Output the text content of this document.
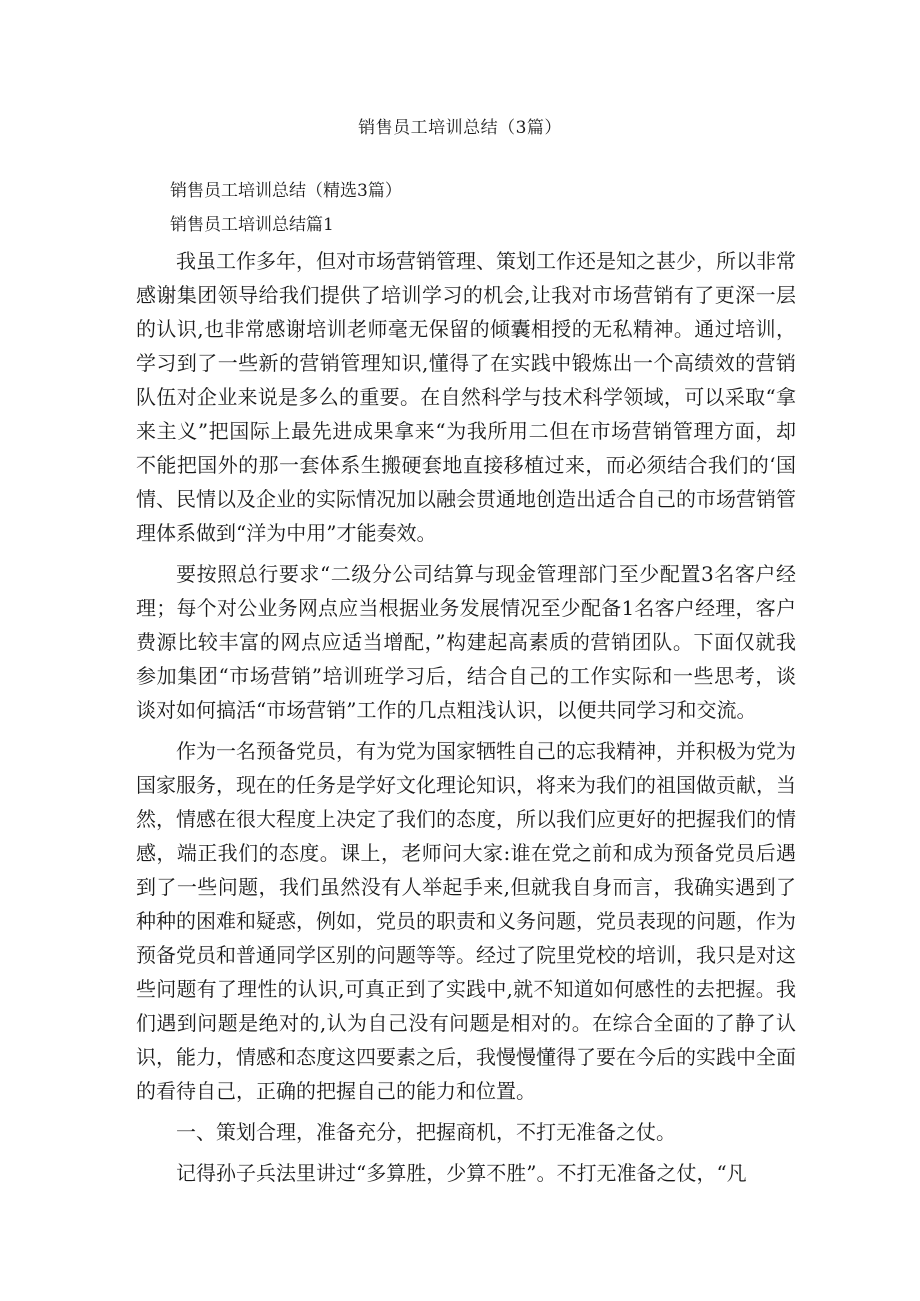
销售员工培训总结（3篇）

销售员工培训总结（精选3篇）

销售员工培训总结篇1

我虽工作多年，但对市场营销管理、策划工作还是知之甚少，所以非常感谢集团领导给我们提供了培训学习的机会,让我对市场营销有了更深一层的认识,也非常感谢培训老师毫无保留的倾囊相授的无私精神。通过培训，学习到了一些新的营销管理知识,懂得了在实践中锻炼出一个高绩效的营销队伍对企业来说是多么的重要。在自然科学与技术科学领域，可以采取“拿来主义”把国际上最先进成果拿来“为我所用二但在市场营销管理方面，却不能把国外的那一套体系生搬硬套地直接移植过来，而必须结合我们的‘国情、民情以及企业的实际情况加以融会贯通地创造出适合自己的市场营销管理体系做到“洋为中用”才能奏效。

要按照总行要求“二级分公司结算与现金管理部门至少配置3名客户经理；每个对公业务网点应当根据业务发展情况至少配备1名客户经理，客户费源比较丰富的网点应适当增配，”构建起高素质的营销团队。下面仅就我参加集团“市场营销”培训班学习后，结合自己的工作实际和一些思考，谈谈对如何搞活“市场营销”工作的几点粗浅认识，以便共同学习和交流。

作为一名预备党员，有为党为国家牺牲自己的忘我精神，并积极为党为国家服务，现在的任务是学好文化理论知识，将来为我们的祖国做贡献，当然，情感在很大程度上决定了我们的态度，所以我们应更好的把握我们的情感，端正我们的态度。课上，老师问大家:谁在党之前和成为预备党员后遇到了一些问题，我们虽然没有人举起手来,但就我自身而言，我确实遇到了种种的困难和疑惑，例如，党员的职责和义务问题，党员表现的问题，作为预备党员和普通同学区别的问题等等。经过了院里党校的培训，我只是对这些问题有了理性的认识,可真正到了实践中,就不知道如何感性的去把握。我们遇到问题是绝对的,认为自己没有问题是相对的。在综合全面的了静了认识，能力，情感和态度这四要素之后，我慢慢懂得了要在今后的实践中全面的看待自己，正确的把握自己的能力和位置。

一、策划合理，准备充分，把握商机，不打无准备之仗。

记得孙子兵法里讲过“多算胜，少算不胜”。不打无准备之仗，“凡
